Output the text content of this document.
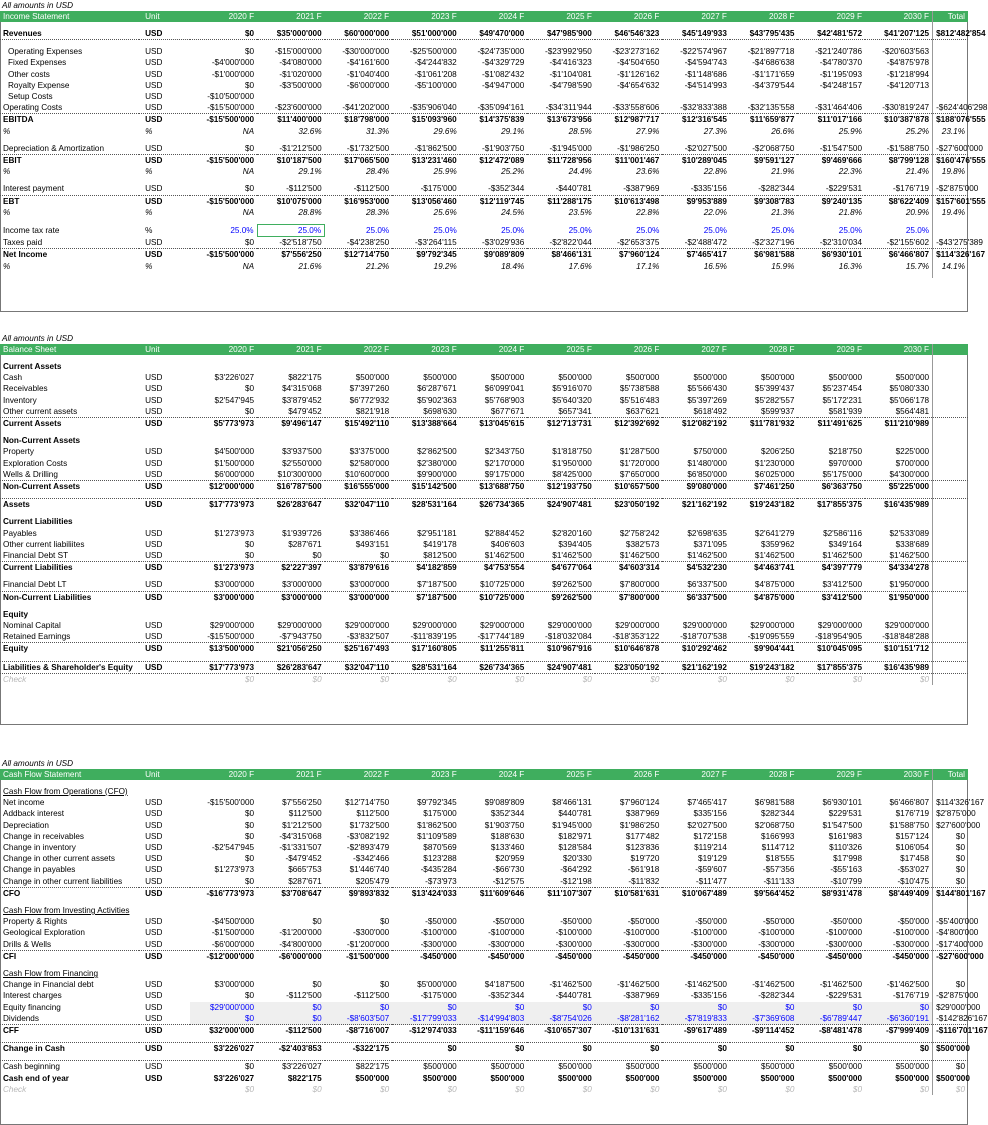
All amounts in USD
Income Statement	Unit	2020 F	2021 F	2022 F	2023 F	2024 F	2025 F	2026 F	2027 F	2028 F	2029 F	2030 F	Total

Revenues	USD	$0	$35'000'000	$60'000'000	$51'000'000	$49'470'000	$47'985'900	$46'546'323	$45'149'933	$43'795'435	$42'481'572	$41'207'125	$812'482'854

Operating Expenses	USD	$0	-$15'000'000	-$30'000'000	-$25'500'000	-$24'735'000	-$23'992'950	-$23'273'162	-$22'574'967	-$21'897'718	-$21'240'786	-$20'603'563	
Fixed Expenses	USD	-$4'000'000	-$4'080'000	-$4'161'600	-$4'244'832	-$4'329'729	-$4'416'323	-$4'504'650	-$4'594'743	-$4'686'638	-$4'780'370	-$4'875'978	
Other costs	USD	-$1'000'000	-$1'020'000	-$1'040'400	-$1'061'208	-$1'082'432	-$1'104'081	-$1'126'162	-$1'148'686	-$1'171'659	-$1'195'093	-$1'218'994	
Royalty Expense	USD	$0	-$3'500'000	-$6'000'000	-$5'100'000	-$4'947'000	-$4'798'590	-$4'654'632	-$4'514'993	-$4'379'544	-$4'248'157	-$4'120'713	
Setup Costs	USD	-$10'500'000											
Operating Costs	USD	-$15'500'000	-$23'600'000	-$41'202'000	-$35'906'040	-$35'094'161	-$34'311'944	-$33'558'606	-$32'833'388	-$32'135'558	-$31'464'406	-$30'819'247	-$624'406'298
EBITDA	USD	-$15'500'000	$11'400'000	$18'798'000	$15'093'960	$14'375'839	$13'673'956	$12'987'717	$12'316'545	$11'659'877	$11'017'166	$10'387'878	$188'076'555
%	%	NA	32.6%	31.3%	29.6%	29.1%	28.5%	27.9%	27.3%	26.6%	25.9%	25.2%	23.1%

Depreciation & Amortization	USD	$0	-$1'212'500	-$1'732'500	-$1'862'500	-$1'903'750	-$1'945'000	-$1'986'250	-$2'027'500	-$2'068'750	-$1'547'500	-$1'588'750	-$27'600'000
EBIT	USD	-$15'500'000	$10'187'500	$17'065'500	$13'231'460	$12'472'089	$11'728'956	$11'001'467	$10'289'045	$9'591'127	$9'469'666	$8'799'128	$160'476'555
%	%	NA	29.1%	28.4%	25.9%	25.2%	24.4%	23.6%	22.8%	21.9%	22.3%	21.4%	19.8%

Interest payment	USD	$0	-$112'500	-$112'500	-$175'000	-$352'344	-$440'781	-$387'969	-$335'156	-$282'344	-$229'531	-$176'719	-$2'875'000
EBT	USD	-$15'500'000	$10'075'000	$16'953'000	$13'056'460	$12'119'745	$11'288'175	$10'613'498	$9'953'889	$9'308'783	$9'240'135	$8'622'409	$157'601'555
%	%	NA	28.8%	28.3%	25.6%	24.5%	23.5%	22.8%	22.0%	21.3%	21.8%	20.9%	19.4%

Income tax rate	%	25.0%	25.0%	25.0%	25.0%	25.0%	25.0%	25.0%	25.0%	25.0%	25.0%	25.0%	
Taxes paid	USD	$0	-$2'518'750	-$4'238'250	-$3'264'115	-$3'029'936	-$2'822'044	-$2'653'375	-$2'488'472	-$2'327'196	-$2'310'034	-$2'155'602	-$43'275'389
Net Income	USD	-$15'500'000	$7'556'250	$12'714'750	$9'792'345	$9'089'809	$8'466'131	$7'960'124	$7'465'417	$6'981'588	$6'930'101	$6'466'807	$114'326'167
%	%	NA	21.6%	21.2%	19.2%	18.4%	17.6%	17.1%	16.5%	15.9%	16.3%	15.7%	14.1%

All amounts in USD
Balance Sheet	Unit	2020 F	2021 F	2022 F	2023 F	2024 F	2025 F	2026 F	2027 F	2028 F	2029 F	2030 F	

Current Assets													
Cash	USD	$3'226'027	$822'175	$500'000	$500'000	$500'000	$500'000	$500'000	$500'000	$500'000	$500'000	$500'000	
Receivables	USD	$0	$4'315'068	$7'397'260	$6'287'671	$6'099'041	$5'916'070	$5'738'588	$5'566'430	$5'399'437	$5'237'454	$5'080'330	
Inventory	USD	$2'547'945	$3'879'452	$6'772'932	$5'902'363	$5'768'903	$5'640'320	$5'516'483	$5'397'269	$5'282'557	$5'172'231	$5'066'178	
Other current assets	USD	$0	$479'452	$821'918	$698'630	$677'671	$657'341	$637'621	$618'492	$599'937	$581'939	$564'481	
Current Assets	USD	$5'773'973	$9'496'147	$15'492'110	$13'388'664	$13'045'615	$12'713'731	$12'392'692	$12'082'192	$11'781'932	$11'491'625	$11'210'989	

Non-Current Assets													
Property	USD	$4'500'000	$3'937'500	$3'375'000	$2'862'500	$2'343'750	$1'818'750	$1'287'500	$750'000	$206'250	$218'750	$225'000	
Exploration Costs	USD	$1'500'000	$2'550'000	$2'580'000	$2'380'000	$2'170'000	$1'950'000	$1'720'000	$1'480'000	$1'230'000	$970'000	$700'000	
Wells & Drilling	USD	$6'000'000	$10'300'000	$10'600'000	$9'900'000	$9'175'000	$8'425'000	$7'650'000	$6'850'000	$6'025'000	$5'175'000	$4'300'000	
Non-Current Assets	USD	$12'000'000	$16'787'500	$16'555'000	$15'142'500	$13'688'750	$12'193'750	$10'657'500	$9'080'000	$7'461'250	$6'363'750	$5'225'000	

Assets	USD	$17'773'973	$26'283'647	$32'047'110	$28'531'164	$26'734'365	$24'907'481	$23'050'192	$21'162'192	$19'243'182	$17'855'375	$16'435'989	

Current Liabilities													
Payables	USD	$1'273'973	$1'939'726	$3'386'466	$2'951'181	$2'884'452	$2'820'160	$2'758'242	$2'698'635	$2'641'279	$2'586'116	$2'533'089	
Other current liabiliites	USD	$0	$287'671	$493'151	$419'178	$406'603	$394'405	$382'573	$371'095	$359'962	$349'164	$338'689	
Financial Debt ST	USD	$0	$0	$0	$812'500	$1'462'500	$1'462'500	$1'462'500	$1'462'500	$1'462'500	$1'462'500	$1'462'500	
Current Liabilities	USD	$1'273'973	$2'227'397	$3'879'616	$4'182'859	$4'753'554	$4'677'064	$4'603'314	$4'532'230	$4'463'741	$4'397'779	$4'334'278	

Financial Debt LT	USD	$3'000'000	$3'000'000	$3'000'000	$7'187'500	$10'725'000	$9'262'500	$7'800'000	$6'337'500	$4'875'000	$3'412'500	$1'950'000	
Non-Current Liabilities	USD	$3'000'000	$3'000'000	$3'000'000	$7'187'500	$10'725'000	$9'262'500	$7'800'000	$6'337'500	$4'875'000	$3'412'500	$1'950'000	

Equity													
Nominal Capital	USD	$29'000'000	$29'000'000	$29'000'000	$29'000'000	$29'000'000	$29'000'000	$29'000'000	$29'000'000	$29'000'000	$29'000'000	$29'000'000	
Retained Earnings	USD	-$15'500'000	-$7'943'750	-$3'832'507	-$11'839'195	-$17'744'189	-$18'032'084	-$18'353'122	-$18'707'538	-$19'095'559	-$18'954'905	-$18'848'288	
Equity	USD	$13'500'000	$21'056'250	$25'167'493	$17'160'805	$11'255'811	$10'967'916	$10'646'878	$10'292'462	$9'904'441	$10'045'095	$10'151'712	

Liabilities & Shareholder's Equity	USD	$17'773'973	$26'283'647	$32'047'110	$28'531'164	$26'734'365	$24'907'481	$23'050'192	$21'162'192	$19'243'182	$17'855'375	$16'435'989	
Check		$0	$0	$0	$0	$0	$0	$0	$0	$0	$0	$0	
All amounts in USD
Cash Flow Statement	Unit	2020 F	2021 F	2022 F	2023 F	2024 F	2025 F	2026 F	2027 F	2028 F	2029 F	2030 F	Total

Cash Flow from Operations (CFO)													
Net income	USD	-$15'500'000	$7'556'250	$12'714'750	$9'792'345	$9'089'809	$8'466'131	$7'960'124	$7'465'417	$6'981'588	$6'930'101	$6'466'807	$114'326'167
Addback interest	USD	$0	$112'500	$112'500	$175'000	$352'344	$440'781	$387'969	$335'156	$282'344	$229'531	$176'719	$2'875'000
Depreciation	USD	$0	$1'212'500	$1'732'500	$1'862'500	$1'903'750	$1'945'000	$1'986'250	$2'027'500	$2'068'750	$1'547'500	$1'588'750	$27'600'000
Change in receivables	USD	$0	-$4'315'068	-$3'082'192	$1'109'589	$188'630	$182'971	$177'482	$172'158	$166'993	$161'983	$157'124	$0
Change in inventory	USD	-$2'547'945	-$1'331'507	-$2'893'479	$870'569	$133'460	$128'584	$123'836	$119'214	$114'712	$110'326	$106'054	$0
Change in other current assets	USD	$0	-$479'452	-$342'466	$123'288	$20'959	$20'330	$19'720	$19'129	$18'555	$17'998	$17'458	$0
Change in payables	USD	$1'273'973	$665'753	$1'446'740	-$435'284	-$66'730	-$64'292	-$61'918	-$59'607	-$57'356	-$55'163	-$53'027	$0
Change in other current liabilities	USD	$0	$287'671	$205'479	-$73'973	-$12'575	-$12'198	-$11'832	-$11'477	-$11'133	-$10'799	-$10'475	$0
CFO	USD	-$16'773'973	$3'708'647	$9'893'832	$13'424'033	$11'609'646	$11'107'307	$10'581'631	$10'067'489	$9'564'452	$8'931'478	$8'449'409	$144'801'167

Cash Flow from Investing Activities													
Property & Rights	USD	-$4'500'000	$0	$0	-$50'000	-$50'000	-$50'000	-$50'000	-$50'000	-$50'000	-$50'000	-$50'000	-$5'400'000
Geological Exploration	USD	-$1'500'000	-$1'200'000	-$300'000	-$100'000	-$100'000	-$100'000	-$100'000	-$100'000	-$100'000	-$100'000	-$100'000	-$4'800'000
Drills & Wells	USD	-$6'000'000	-$4'800'000	-$1'200'000	-$300'000	-$300'000	-$300'000	-$300'000	-$300'000	-$300'000	-$300'000	-$300'000	-$17'400'000
CFI	USD	-$12'000'000	-$6'000'000	-$1'500'000	-$450'000	-$450'000	-$450'000	-$450'000	-$450'000	-$450'000	-$450'000	-$450'000	-$27'600'000

Cash Flow from Financing													
Change in Financial debt	USD	$3'000'000	$0	$0	$5'000'000	$4'187'500	-$1'462'500	-$1'462'500	-$1'462'500	-$1'462'500	-$1'462'500	-$1'462'500	$0
Interest charges	USD	$0	-$112'500	-$112'500	-$175'000	-$352'344	-$440'781	-$387'969	-$335'156	-$282'344	-$229'531	-$176'719	-$2'875'000
Equity financing	USD	$29'000'000	$0	$0	$0	$0	$0	$0	$0	$0	$0	$0	$29'000'000
Dividends	USD	$0	$0	-$8'603'507	-$17'799'033	-$14'994'803	-$8'754'026	-$8'281'162	-$7'819'833	-$7'369'608	-$6'789'447	-$6'360'191	-$142'826'167
CFF	USD	$32'000'000	-$112'500	-$8'716'007	-$12'974'033	-$11'159'646	-$10'657'307	-$10'131'631	-$9'617'489	-$9'114'452	-$8'481'478	-$7'999'409	-$116'701'167

Change in Cash	USD	$3'226'027	-$2'403'853	-$322'175	$0	$0	$0	$0	$0	$0	$0	$0	$500'000

Cash beginning	USD	$0	$3'226'027	$822'175	$500'000	$500'000	$500'000	$500'000	$500'000	$500'000	$500'000	$500'000	$0
Cash end of year	USD	$3'226'027	$822'175	$500'000	$500'000	$500'000	$500'000	$500'000	$500'000	$500'000	$500'000	$500'000	$500'000
Check		$0	$0	$0	$0	$0	$0	$0	$0	$0	$0	$0	$0
